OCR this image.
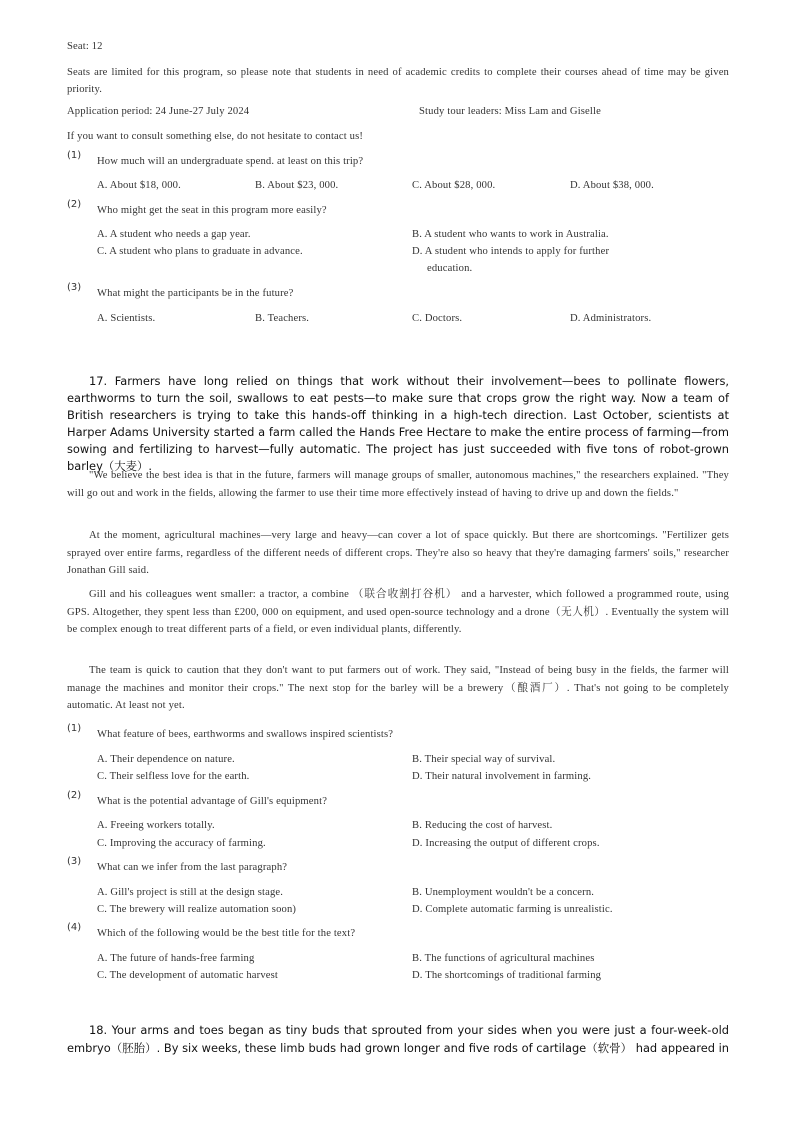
Seat: 12
Seats are limited for this program, so please note that students in need of academic credits to complete their courses ahead of time may be given priority.
Application period: 24 June-27 July 2024	Study tour leaders: Miss Lam and Giselle
If you want to consult something else, do not hesitate to contact us!
(1)
How much will an undergraduate spend. at least on this trip?
A. About $18, 000.	B. About $23, 000.	C. About $28, 000.	D. About $38, 000.
(2)
Who might get the seat in this program more easily?
A. A student who needs a gap year.	B. A student who wants to work in Australia.
C. A student who plans to graduate in advance.	D. A student who intends to apply for further
education.
(3)
What might the participants be in the future?
A. Scientists.	B. Teachers.	C. Doctors.	D. Administrators.
17. Farmers have long relied on things that work without their involvement—bees to pollinate flowers, earthworms to turn the soil, swallows to eat pests—to make sure that crops grow the right way. Now a team of British researchers is trying to take this hands-off thinking in a high-tech direction. Last October, scientists at Harper Adams University started a farm called the Hands Free Hectare to make the entire process of farming—from sowing and fertilizing to harvest—fully automatic. The project has just succeeded with five tons of robot-grown barley（大麦）.
"We believe the best idea is that in the future, farmers will manage groups of smaller, autonomous machines," the researchers explained. "They will go out and work in the fields, allowing the farmer to use their time more effectively instead of having to drive up and down the fields."
At the moment, agricultural machines—very large and heavy—can cover a lot of space quickly. But there are shortcomings. "Fertilizer gets sprayed over entire farms, regardless of the different needs of different crops. They're also so heavy that they're damaging farmers' soils," researcher Jonathan Gill said.
Gill and his colleagues went smaller: a tractor, a combine （联合收割打谷机） and a harvester, which followed a programmed route, using GPS. Altogether, they spent less than £200, 000 on equipment, and used open-source technology and a drone（无人机）. Eventually the system will be complex enough to treat different parts of a field, or even individual plants, differently.
The team is quick to caution that they don't want to put farmers out of work. They said, "Instead of being busy in the fields, the farmer will manage the machines and monitor their crops." The next stop for the barley will be a brewery（酿酒厂）. That's not going to be completely automatic. At least not yet.
(1)
What feature of bees, earthworms and swallows inspired scientists?
A. Their dependence on nature.	B. Their special way of survival.
C. Their selfless love for the earth.	D. Their natural involvement in farming.
(2)
What is the potential advantage of Gill's equipment?
A. Freeing workers totally.	B. Reducing the cost of harvest.
C. Improving the accuracy of farming.	D. Increasing the output of different crops.
(3)
What can we infer from the last paragraph?
A. Gill's project is still at the design stage.	B. Unemployment wouldn't be a concern.
C. The brewery will realize automation soon)	D. Complete automatic farming is unrealistic.
(4)
Which of the following would be the best title for the text?
A. The future of hands-free farming	B. The functions of agricultural machines
C. The development of automatic harvest	D. The shortcomings of traditional farming
18. Your arms and toes began as tiny buds that sprouted from your sides when you were just a four-week-old embryo（胚胎）. By six weeks, these limb buds had grown longer and five rods of cartilage（软骨） had appeared in
